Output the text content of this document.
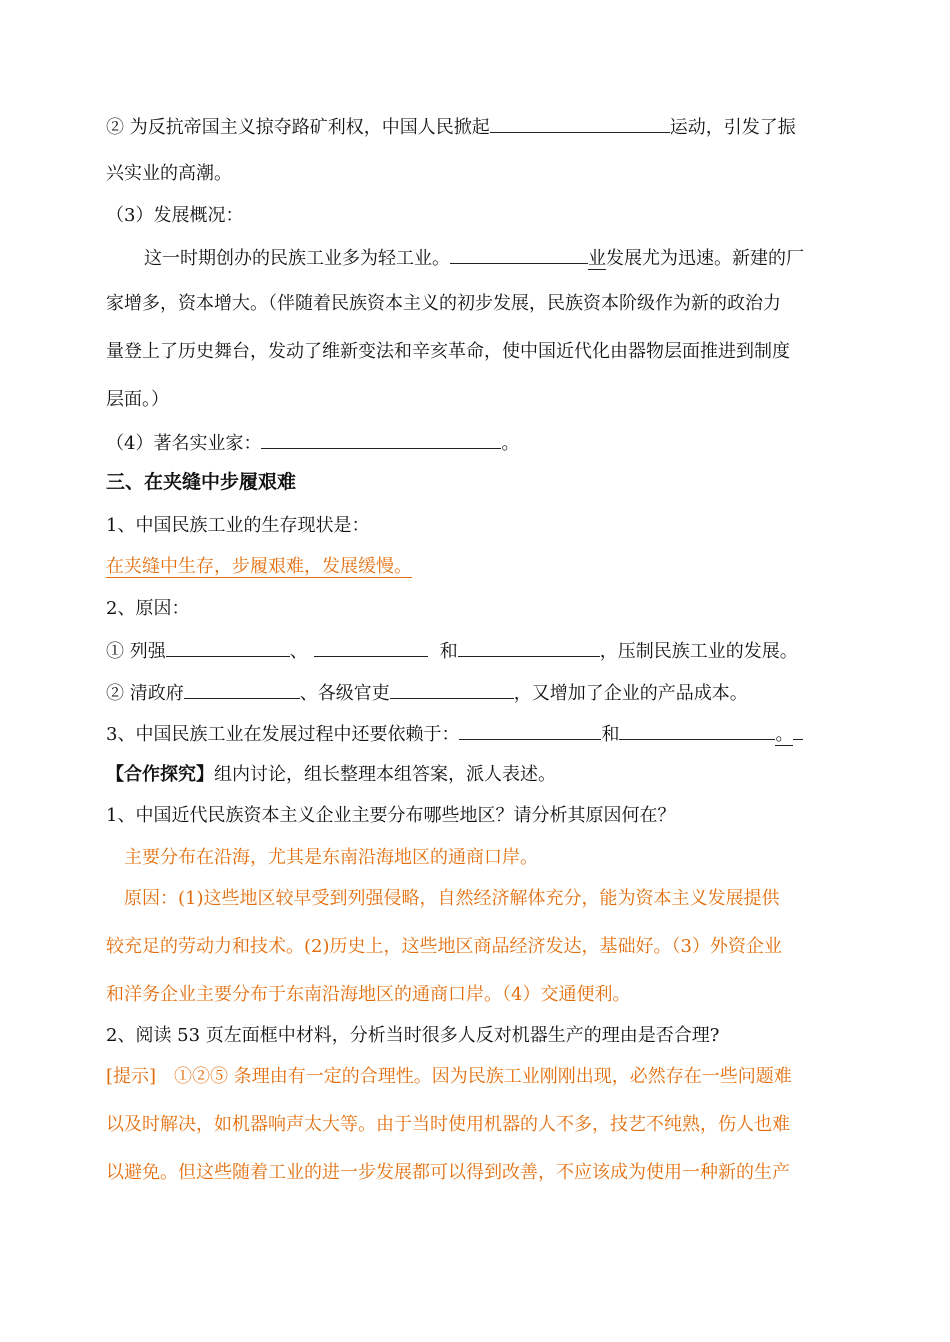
② 为反抗帝国主义掠夺路矿利权，中国人民掀起	运动，引发了振
兴实业的高潮。
（3）发展概况：
这一时期创办的民族工业多为轻工业。	业发展尤为迅速。新建的厂
家增多，资本增大。（伴随着民族资本主义的初步发展，民族资本阶级作为新的政治力
量登上了历史舞台，发动了维新变法和辛亥革命，使中国近代化由器物层面推进到制度
层面。）
（4）著名实业家：	。
三、在夹缝中步履艰难
1、中国民族工业的生存现状是：
在夹缝中生存，步履艰难，发展缓慢。
2、原因：
① 列强	、	和	，压制民族工业的发展。
② 清政府	、各级官吏	，又增加了企业的产品成本。
3、中国民族工业在发展过程中还要依赖于：	和	。
【合作探究】组内讨论，组长整理本组答案，派人表述。
1、中国近代民族资本主义企业主要分布哪些地区？请分析其原因何在？
主要分布在沿海，尤其是东南沿海地区的通商口岸。
原因：(1)这些地区较早受到列强侵略，自然经济解体充分，能为资本主义发展提供
较充足的劳动力和技术。(2)历史上，这些地区商品经济发达，基础好。（3）外资企业
和洋务企业主要分布于东南沿海地区的通商口岸。（4）交通便利。
2、阅读 53 页左面框中材料，分析当时很多人反对机器生产的理由是否合理?
[提示]　①②⑤ 条理由有一定的合理性。因为民族工业刚刚出现，必然存在一些问题难
以及时解决，如机器响声太大等。由于当时使用机器的人不多，技艺不纯熟，伤人也难
以避免。但这些随着工业的进一步发展都可以得到改善，不应该成为使用一种新的生产
